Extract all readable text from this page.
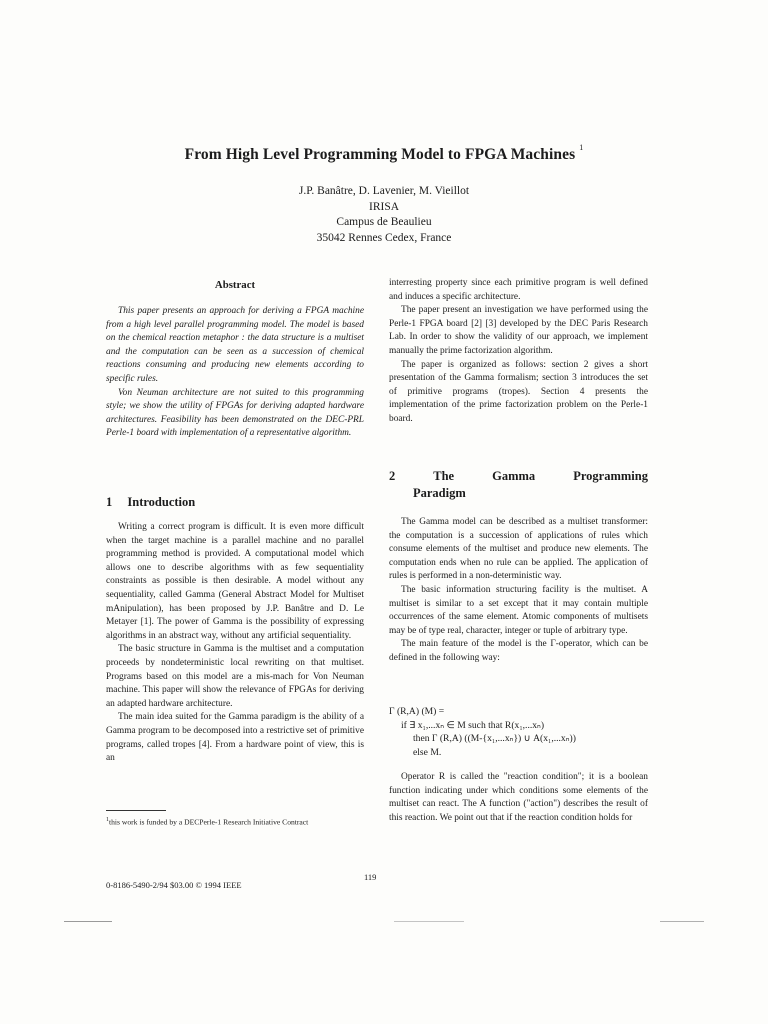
From High Level Programming Model to FPGA Machines $^1$
J.P. Banâtre, D. Lavenier, M. Vieillot
IRISA
Campus de Beaulieu
35042 Rennes Cedex, France
Abstract

This paper presents an approach for deriving a FPGA machine from a high level parallel programming model. The model is based on the chemical reaction metaphor : the data structure is a multiset and the computation can be seen as a succession of chemical reactions consuming and producing new elements according to specific rules.

Von Neuman architecture are not suited to this programming style; we show the utility of FPGAs for deriving adapted hardware architectures. Feasibility has been demonstrated on the DEC-PRL Perle-1 board with implementation of a representative algorithm.

1 Introduction

Writing a correct program is difficult. It is even more difficult when the target machine is a parallel machine and no parallel programming method is provided. A computational model which allows one to describe algorithms with as few sequentiality constraints as possible is then desirable. A model without any sequentiality, called Gamma (General Abstract Model for Multiset mAnipulation), has been proposed by J.P. Banâtre and D. Le Metayer [1]. The power of Gamma is the possibility of expressing algorithms in an abstract way, without any artificial sequentiality.

The basic structure in Gamma is the multiset and a computation proceeds by nondeterministic local rewriting on that multiset. Programs based on this model are a mis-mach for Von Neuman machine. This paper will show the relevance of FPGAs for deriving an adapted hardware architecture.

The main idea suited for the Gamma paradigm is the ability of a Gamma program to be decomposed into a restrictive set of primitive programs, called tropes [4]. From a hardware point of view, this is an

$^1$this work is funded by a DECPerle-1 Research Initiative Contract

interresting property since each primitive program is well defined and induces a specific architecture.

The paper present an investigation we have performed using the Perle-1 FPGA board [2] [3] developed by the DEC Paris Research Lab. In order to show the validity of our approach, we implement manually the prime factorization algorithm.

The paper is organized as follows: section 2 gives a short presentation of the Gamma formalism; section 3 introduces the set of primitive programs (tropes). Section 4 presents the implementation of the prime factorization problem on the Perle-1 board.

2	The	Gamma	Programming
Paradigm

The Gamma model can be described as a multiset transformer: the computation is a succession of applications of rules which consume elements of the multiset and produce new elements. The computation ends when no rule can be applied. The application of rules is performed in a non-deterministic way.

The basic information structuring facility is the multiset. A multiset is similar to a set except that it may contain multiple occurrences of the same element. Atomic components of multisets may be of type real, character, integer or tuple of arbitrary type.

The main feature of the model is the Γ-operator, which can be defined in the following way:

Γ (R,A) (M) =
if ∃ x₁,...xₙ ∈ M such that R(x₁,...xₙ)
then Γ (R,A) ((M-{x₁,...xₙ}) ∪ A(x₁,...xₙ))
else M.

Operator R is called the "reaction condition"; it is a boolean function indicating under which conditions some elements of the multiset can react. The A function ("action") describes the result of this reaction. We point out that if the reaction condition holds for

119
0-8186-5490-2/94 $03.00 © 1994 IEEE
